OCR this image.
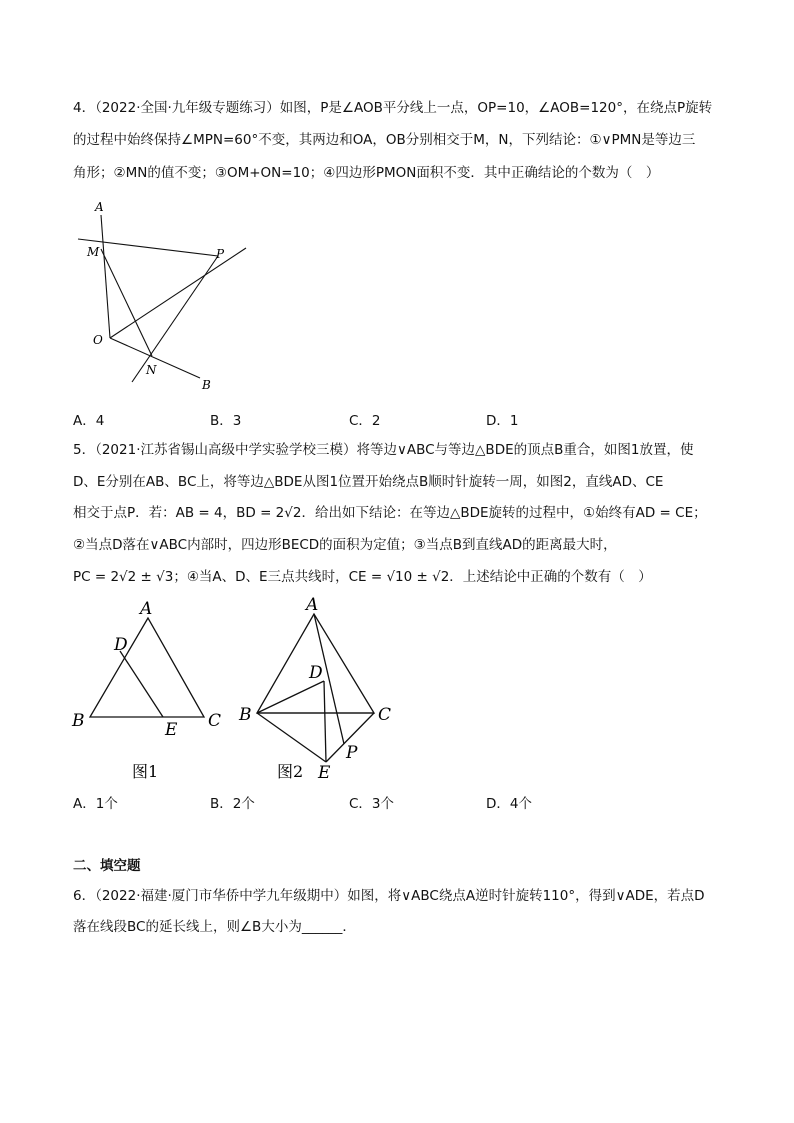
4．（2022·全国·九年级专题练习）如图，P是∠AOB平分线上一点，OP=10，∠AOB=120°，在绕点P旋转
的过程中始终保持∠MPN=60°不变，其两边和OA，OB分别相交于M，N，下列结论：①∨PMN是等边三
角形；②MN的值不变；③OM+ON=10；④四边形PMON面积不变．其中正确结论的个数为（　）
A
M	P
O
N
B
A．4	B．3	C．2	D．1
5．（2021·江苏省锡山高级中学实验学校三模）将等边∨ABC与等边△BDE的顶点B重合，如图1放置，使
D、E分别在AB、BC上，将等边△BDE从图1位置开始绕点B顺时针旋转一周，如图2，直线AD、CE
相交于点P．若：AB = 4，BD = 2√2．给出如下结论：在等边△BDE旋转的过程中，①始终有AD = CE；
②当点D落在∨ABC内部时，四边形BECD的面积为定值；③当点B到直线AD的距离最大时，
PC = 2√2 ± √3；④当A、D、E三点共线时，CE = √10 ± √2．上述结论中正确的个数有（　）
A
D
B	E C
图1
A
D
B	C
P
E
图2
A．1个	B．2个	C．3个	D．4个
二、填空题
6．（2022·福建·厦门市华侨中学九年级期中）如图，将∨ABC绕点A逆时针旋转110°，得到∨ADE，若点D
落在线段BC的延长线上，则∠B大小为______．
